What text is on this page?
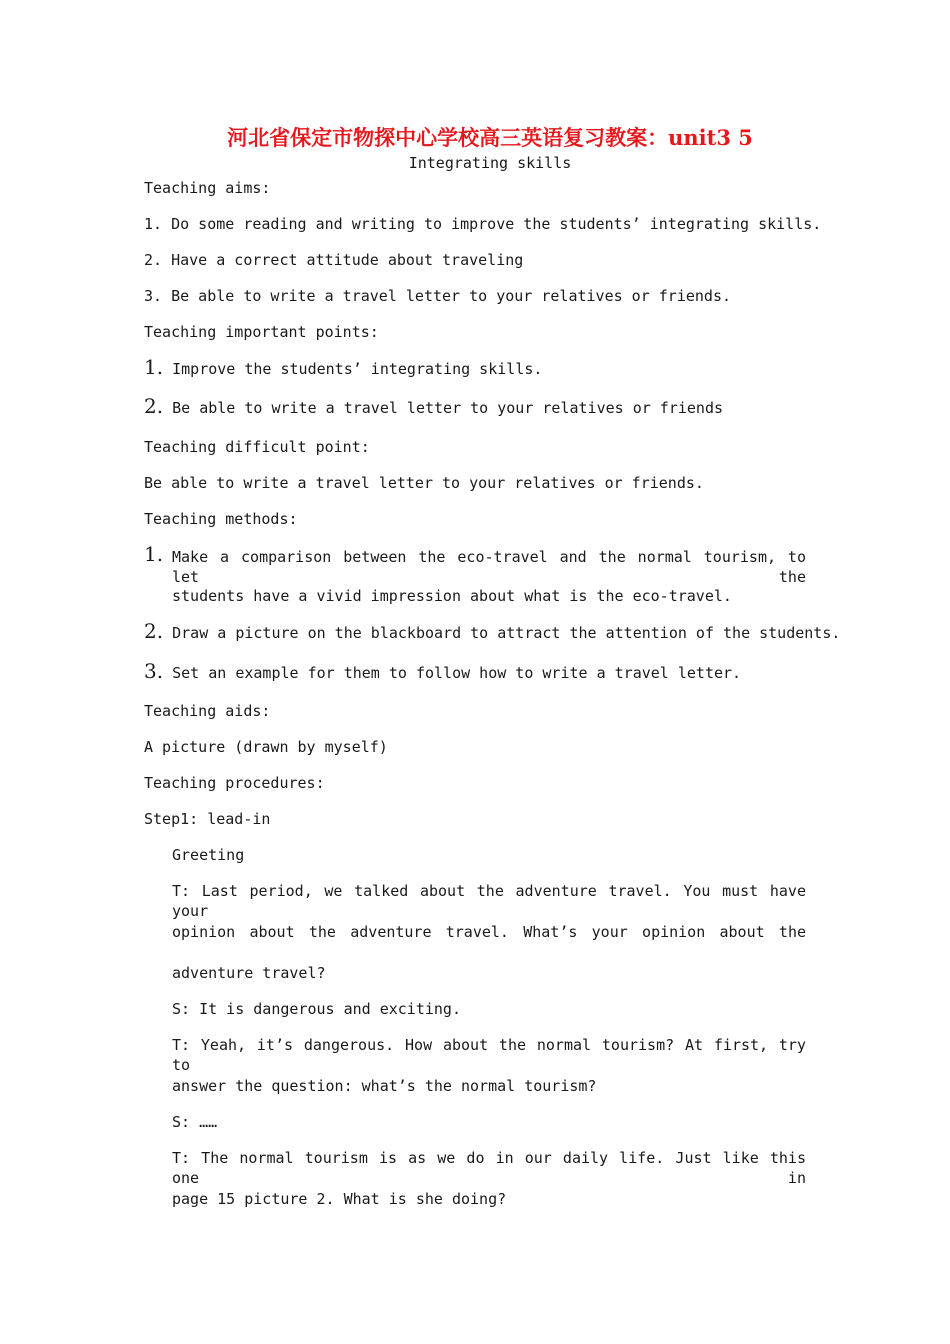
河北省保定市物探中心学校高三英语复习教案：unit3 5
Integrating skills
Teaching aims:
1. Do some reading and writing to improve the students’ integrating skills.
2. Have a correct attitude about traveling
3. Be able to write a travel letter to your relatives or friends.
Teaching important points:
1. Improve the students’ integrating skills.
2. Be able to write a travel letter to your relatives or friends
Teaching difficult point:
Be able to write a travel letter to your relatives or friends.
Teaching methods:
1. Make a comparison between the eco-travel and the normal tourism, to let the
students have a vivid impression about what is the eco-travel.
2. Draw a picture on the blackboard to attract the attention of the students.
3. Set an example for them to follow how to write a travel letter.
Teaching aids:
A picture (drawn by myself)
Teaching procedures:
Step1: lead-in
Greeting
T: Last period, we talked about the adventure travel. You must have your
opinion about the adventure travel. What’s your opinion about the
adventure travel?
S: It is dangerous and exciting.
T: Yeah, it’s dangerous. How about the normal tourism? At first, try to
answer the question: what’s the normal tourism?
S: ……
T: The normal tourism is as we do in our daily life. Just like this one in
page 15 picture 2. What is she doing?
